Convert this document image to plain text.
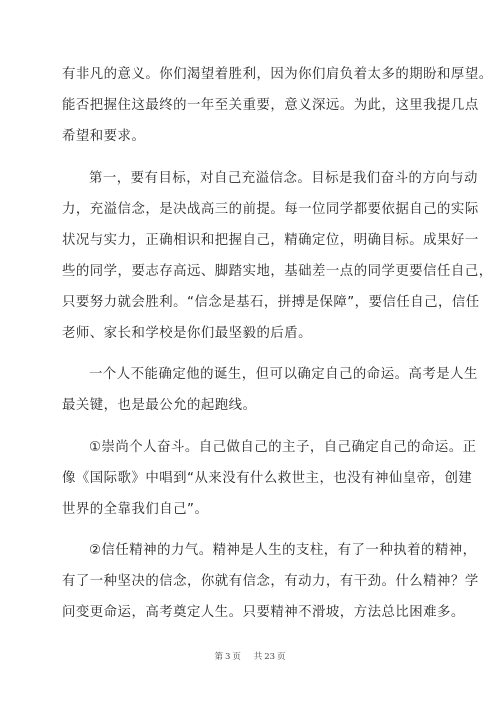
有非凡的意义。你们渴望着胜利，因为你们肩负着太多的期盼和厚望。
能否把握住这最终的一年至关重要，意义深远。为此，这里我提几点
希望和要求。
第一，要有目标，对自己充溢信念。目标是我们奋斗的方向与动
力，充溢信念，是决战高三的前提。每一位同学都要依据自己的实际
状况与实力，正确相识和把握自己，精确定位，明确目标。成果好一
些的同学，要志存高远、脚踏实地，基础差一点的同学更要信任自己，
只要努力就会胜利。“信念是基石，拼搏是保障”，要信任自己，信任
老师、家长和学校是你们最坚毅的后盾。
一个人不能确定他的诞生，但可以确定自己的命运。高考是人生
最关键，也是最公允的起跑线。
①崇尚个人奋斗。自己做自己的主子，自己确定自己的命运。正
像《国际歌》中唱到“从来没有什么救世主，也没有神仙皇帝，创建
世界的全靠我们自己”。
②信任精神的力气。精神是人生的支柱，有了一种执着的精神，
有了一种坚决的信念，你就有信念，有动力，有干劲。什么精神？学
问变更命运，高考奠定人生。只要精神不滑坡，方法总比困难多。
第 3 页 共 23 页
